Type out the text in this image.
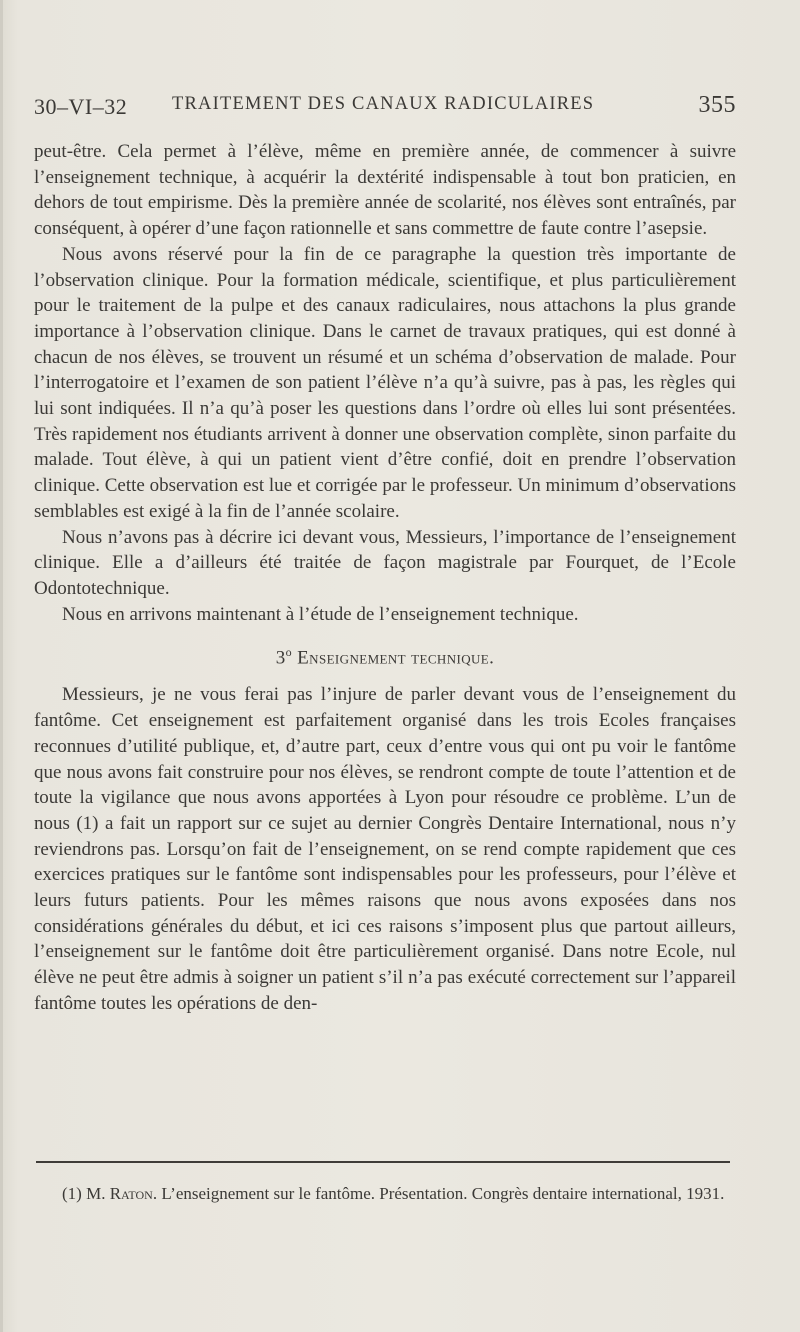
30–VI–32 TRAITEMENT DES CANAUX RADICULAIRES	355

peut-être. Cela permet à l’élève, même en première année, de commencer à suivre l’enseignement technique, à acquérir la dextérité indispensable à tout bon praticien, en dehors de tout empirisme. Dès la première année de scolarité, nos élèves sont entraînés, par conséquent, à opérer d’une façon rationnelle et sans commettre de faute contre l’asepsie.

Nous avons réservé pour la fin de ce paragraphe la question très importante de l’observation clinique. Pour la formation médicale, scientifique, et plus particulièrement pour le traitement de la pulpe et des canaux radiculaires, nous attachons la plus grande importance à l’observation clinique. Dans le carnet de travaux pratiques, qui est donné à chacun de nos élèves, se trouvent un résumé et un schéma d’observation de malade. Pour l’interrogatoire et l’examen de son patient l’élève n’a qu’à suivre, pas à pas, les règles qui lui sont indiquées. Il n’a qu’à poser les questions dans l’ordre où elles lui sont présentées. Très rapidement nos étudiants arrivent à donner une observation complète, sinon parfaite du malade. Tout élève, à qui un patient vient d’être confié, doit en prendre l’observation clinique. Cette observation est lue et corrigée par le professeur. Un minimum d’observations semblables est exigé à la fin de l’année scolaire.

Nous n’avons pas à décrire ici devant vous, Messieurs, l’importance de l’enseignement clinique. Elle a d’ailleurs été traitée de façon magistrale par Fourquet, de l’Ecole Odontotechnique.

Nous en arrivons maintenant à l’étude de l’enseignement technique.

3$^o$ Enseignement technique.

Messieurs, je ne vous ferai pas l’injure de parler devant vous de l’enseignement du fantôme. Cet enseignement est parfaitement organisé dans les trois Ecoles françaises reconnues d’utilité publique, et, d’autre part, ceux d’entre vous qui ont pu voir le fantôme que nous avons fait construire pour nos élèves, se rendront compte de toute l’attention et de toute la vigilance que nous avons apportées à Lyon pour résoudre ce problème. L’un de nous (1) a fait un rapport sur ce sujet au dernier Congrès Dentaire International, nous n’y reviendrons pas. Lorsqu’on fait de l’enseignement, on se rend compte rapidement que ces exercices pratiques sur le fantôme sont indispensables pour les professeurs, pour l’élève et leurs futurs patients. Pour les mêmes raisons que nous avons exposées dans nos considérations générales du début, et ici ces raisons s’imposent plus que partout ailleurs, l’enseignement sur le fantôme doit être particulièrement organisé. Dans notre Ecole, nul élève ne peut être admis à soigner un patient s’il n’a pas exécuté correctement sur l’appareil fantôme toutes les opérations de den-

(1) M. Raton. L’enseignement sur le fantôme. Présentation. Congrès dentaire international, 1931.
